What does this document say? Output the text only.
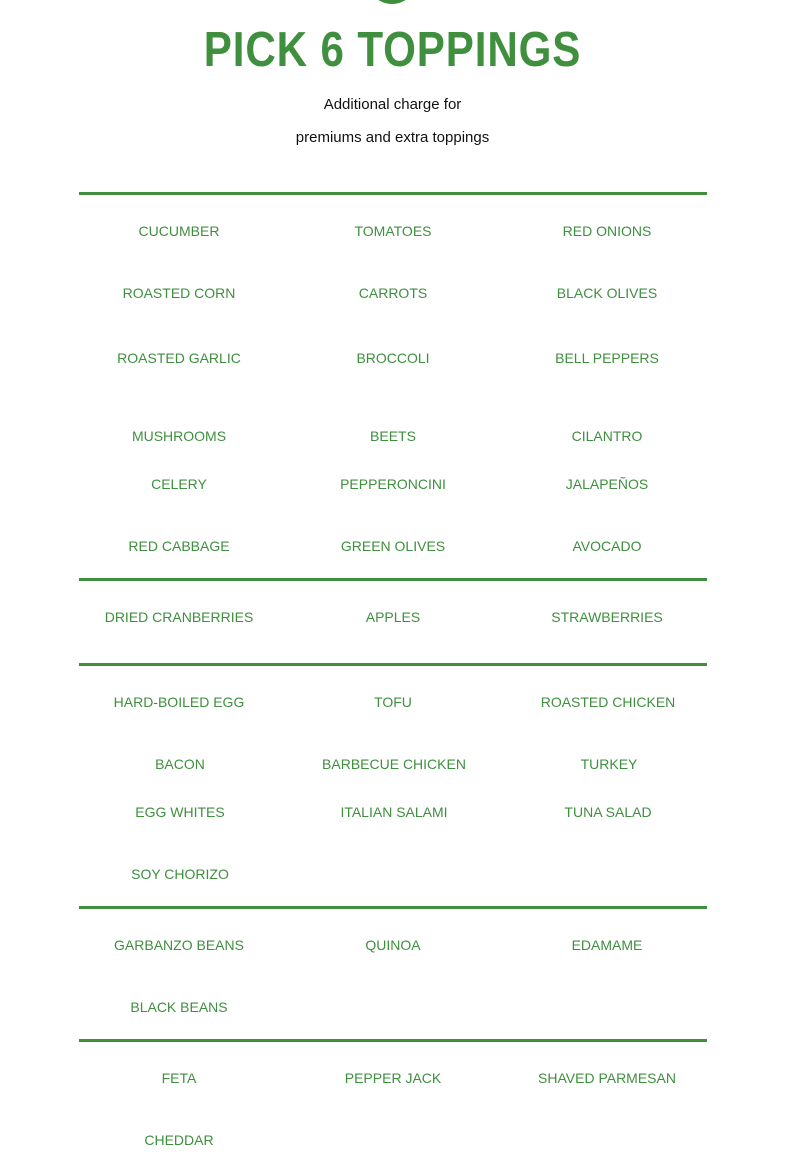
PICK 6 TOPPINGS
Additional charge for
premiums and extra toppings
CUCUMBER	TOMATOES	RED ONIONS
ROASTED CORN	CARROTS	BLACK OLIVES
ROASTED GARLIC	BROCCOLI	BELL PEPPERS
MUSHROOMS	BEETS	CILANTRO
CELERY	PEPPERONCINI	JALAPEÑOS
RED CABBAGE	GREEN OLIVES	AVOCADO
DRIED CRANBERRIES	APPLES	STRAWBERRIES
HARD-BOILED EGG	TOFU	ROASTED CHICKEN
BACON	BARBECUE CHICKEN	TURKEY
EGG WHITES	ITALIAN SALAMI	TUNA SALAD
SOY CHORIZO
GARBANZO BEANS	QUINOA	EDAMAME
BLACK BEANS
FETA	PEPPER JACK	SHAVED PARMESAN
CHEDDAR
